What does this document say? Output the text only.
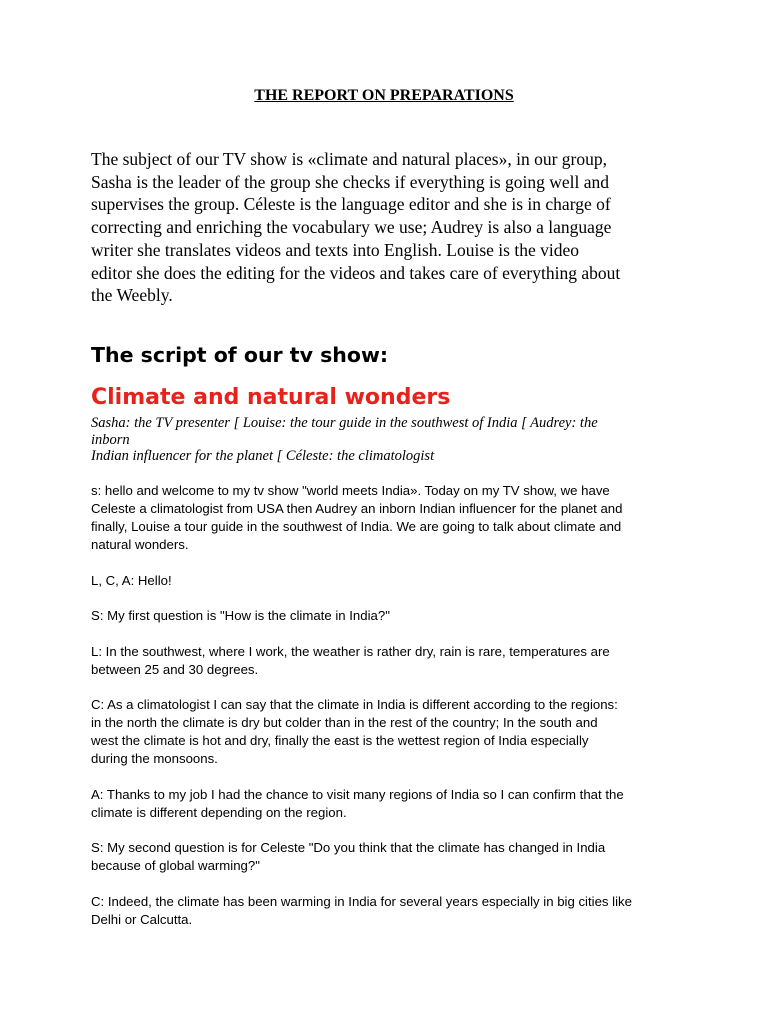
THE REPORT ON PREPARATIONS
The subject of our TV show is «climate and natural places», in our group,
Sasha is the leader of the group she checks if everything is going well and
supervises the group. Céleste is the language editor and she is in charge of
correcting and enriching the vocabulary we use; Audrey is also a language
writer she translates videos and texts into English. Louise is the video
editor she does the editing for the videos and takes care of everything about
the Weebly.
The script of our tv show:
Climate and natural wonders
Sasha: the TV presenter [ Louise: the tour guide in the southwest of India [ Audrey: the
inborn
Indian influencer for the planet [ Céleste: the climatologist

s: hello and welcome to my tv show "world meets India». Today on my TV show, we have
Celeste a climatologist from USA then Audrey an inborn Indian influencer for the planet and
finally, Louise a tour guide in the southwest of India. We are going to talk about climate and
natural wonders.

L, C, A: Hello!

S: My first question is "How is the climate in India?"

L: In the southwest, where I work, the weather is rather dry, rain is rare, temperatures are
between 25 and 30 degrees.

C: As a climatologist I can say that the climate in India is different according to the regions:
in the north the climate is dry but colder than in the rest of the country; In the south and
west the climate is hot and dry, finally the east is the wettest region of India especially
during the monsoons.

A: Thanks to my job I had the chance to visit many regions of India so I can confirm that the
climate is different depending on the region.

S: My second question is for Celeste "Do you think that the climate has changed in India
because of global warming?"

C: Indeed, the climate has been warming in India for several years especially in big cities like
Delhi or Calcutta.
